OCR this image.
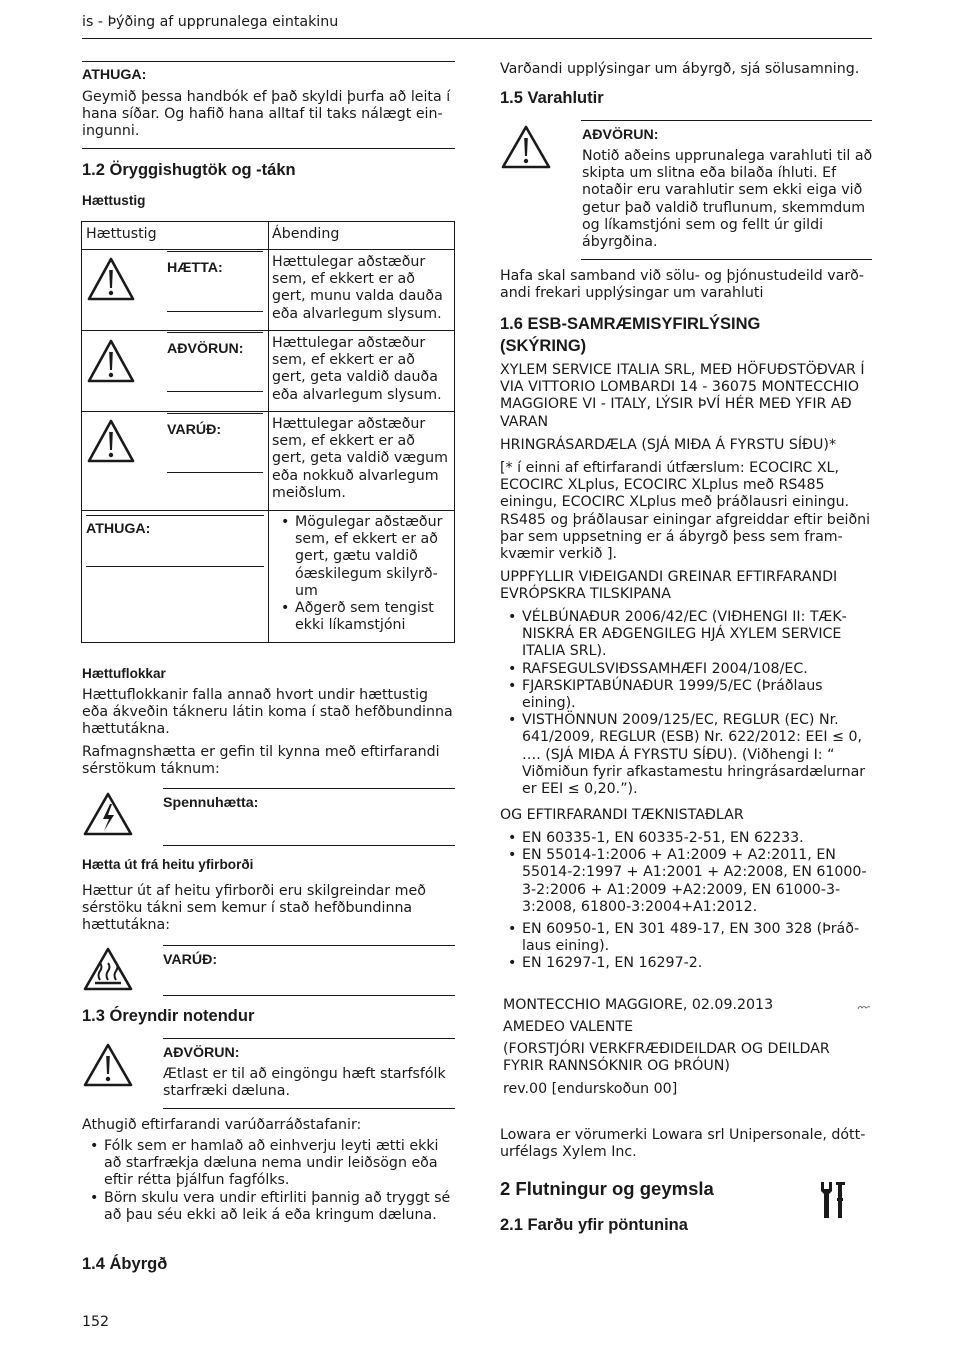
is - Þýðing af upprunalega eintakinu
ATHUGA:
Geymið þessa handbók ef það skyldi þurfa að leita í hana síðar. Og hafið hana alltaf til taks nálægt einingunni.
1.2 Öryggishugtök og -tákn
Hættustig
Hættustig	Ábending
HÆTTA:	Hættulegar aðstæður sem, ef ekkert er að gert, munu valda dauða eða alvarlegum slysum.
AÐVÖRUN: Hættulegar aðstæður sem, ef ekkert er að gert, geta valdið dauða eða alvarlegum slysum.
VARÚÐ:	Hættulegar aðstæður sem, ef ekkert er að gert, geta valdið vægum eða nokkuð alvarlegum meiðslum.
ATHUGA:
•	Mögulegar aðstæður sem, ef ekkert er að gert, gætu valdið óæskilegum skilyrðum
• Aðgerð sem tengist ekki líkamstjóni
Hættuflokkar
Hættuflokkanir falla annað hvort undir hættustig eða ákveðin tákneru látin koma í stað hefðbundinna hættutákna.
Rafmagnshætta er gefin til kynna með eftirfarandi sérstökum táknum:
Spennuhætta:
Hætta út frá heitu yfirborði
Hættur út af heitu yfirborði eru skilgreindar með sérstöku tákni sem kemur í stað hefðbundinna hættutákna:
VARÚÐ:
1.3 Óreyndir notendur
AÐVÖRUN:
Ætlast er til að eingöngu hæft starfsfólk starfræki dæluna.
Athugið eftirfarandi varúðarráðstafanir:
• Fólk sem er hamlað að einhverju leyti ætti ekki að starfrækja dæluna nema undir leiðsögn eða eftir rétta þjálfun fagfólks.
• Börn skulu vera undir eftirliti þannig að tryggt sé að þau séu ekki að leik á eða kringum dæluna.
1.4 Ábyrgð
152
Varðandi upplýsingar um ábyrgð, sjá sölusamning.
1.5 Varahlutir
AÐVÖRUN:
Notið aðeins upprunalega varahluti til að skipta um slitna eða bilaða íhluti. Ef notaðir eru varahlutir sem ekki eiga við getur það valdið truflunum, skemmdum og líkamstjóni sem og fellt úr gildi ábyrgðina.
Hafa skal samband við sölu- og þjónustudeild varðandi frekari upplýsingar um varahluti
1.6 ESB-SAMRÆMISYFIRLÝSING
(SKÝRING)
XYLEM SERVICE ITALIA SRL, MEÐ HÖFUÐSTÖÐVAR Í VIA VITTORIO LOMBARDI 14 - 36075 MONTECCHIO MAGGIORE VI - ITALY, LÝSIR ÞVÍ HÉR MEÐ YFIR AÐ VARAN
HRINGRÁSARDÆLA (SJÁ MIÐA Á FYRSTU SÍÐU)*
[* í einni af eftirfarandi útfærslum: ECOCIRC XL, ECOCIRC XLplus, ECOCIRC XLplus með RS485 einingu, ECOCIRC XLplus með þráðlausri einingu. RS485 og þráðlausar einingar afgreiddar eftir beiðni þar sem uppsetning er á ábyrgð þess sem framkvæmir verkið ].
UPPFYLLIR VIÐEIGANDI GREINAR EFTIRFARANDI EVRÓPSKRA TILSKIPANA
• VÉLBÚNAÐUR 2006/42/EC (VIÐHENGI II: TÆKNISKRÁ ER AÐGENGILEG HJÁ XYLEM SERVICE ITALIA SRL).
• RAFSEGULSVIÐSSAMHÆFI 2004/108/EC.
• FJARSKIPTABÚNAÐUR 1999/5/EC (Þráðlaus eining).
• VISTHÖNNUN 2009/125/EC, REGLUR (EC) Nr. 641/2009, REGLUR (ESB) Nr. 622/2012: EEI ≤ 0, …. (SJÁ MIÐA Á FYRSTU SÍÐU). (Viðhengi I: “ Viðmiðun fyrir afkastamestu hringrásardælurnar er EEI ≤ 0,20.”).
OG EFTIRFARANDI TÆKNISTAÐLAR
• EN 60335-1, EN 60335-2-51, EN 62233.
• EN 55014-1:2006 + A1:2009 + A2:2011, EN 55014-2:1997 + A1:2001 + A2:2008, EN 61000-3-2:2006 + A1:2009 +A2:2009, EN 61000-3-3:2008, 61800-3:2004+A1:2012.
• EN 60950-1, EN 301 489-17, EN 300 328 (Þráðlaus eining).
• EN 16297-1, EN 16297-2.
MONTECCHIO MAGGIORE, 02.09.2013
AMEDEO VALENTE
(FORSTJÓRI VERKFRÆÐIDEILDAR OG DEILDAR FYRIR RANNSÓKNIR OG ÞRÓUN)
rev.00 [endurskoðun 00]
Lowara er vörumerki Lowara srl Unipersonale, dótturfélags Xylem Inc.
2 Flutningur og geymsla
2.1 Farðu yfir pöntunina
